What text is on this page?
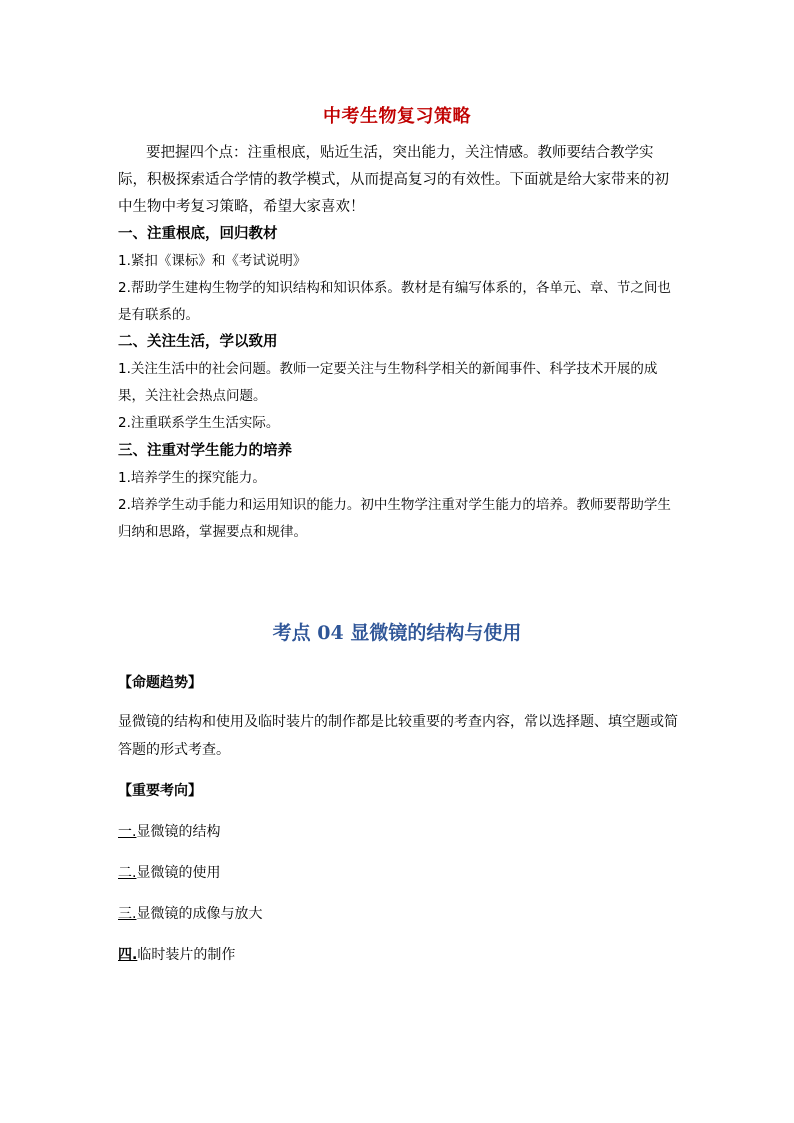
中考生物复习策略
要把握四个点：注重根底，贴近生活，突出能力，关注情感。教师要结合教学实际，积极探索适合学情的教学模式，从而提高复习的有效性。下面就是给大家带来的初中生物中考复习策略，希望大家喜欢！
一、注重根底，回归教材
1.紧扣《课标》和《考试说明》
2.帮助学生建构生物学的知识结构和知识体系。教材是有编写体系的，各单元、章、节之间也是有联系的。
二、关注生活，学以致用
1.关注生活中的社会问题。教师一定要关注与生物科学相关的新闻事件、科学技术开展的成果，关注社会热点问题。
2.注重联系学生生活实际。
三、注重对学生能力的培养
1.培养学生的探究能力。
2.培养学生动手能力和运用知识的能力。初中生物学注重对学生能力的培养。教师要帮助学生归纳和思路，掌握要点和规律。
考点 04 显微镜的结构与使用
【命题趋势】
显微镜的结构和使用及临时装片的制作都是比较重要的考查内容，常以选择题、填空题或简答题的形式考查。
【重要考向】
一.显微镜的结构
二.显微镜的使用
三.显微镜的成像与放大
四.临时装片的制作
